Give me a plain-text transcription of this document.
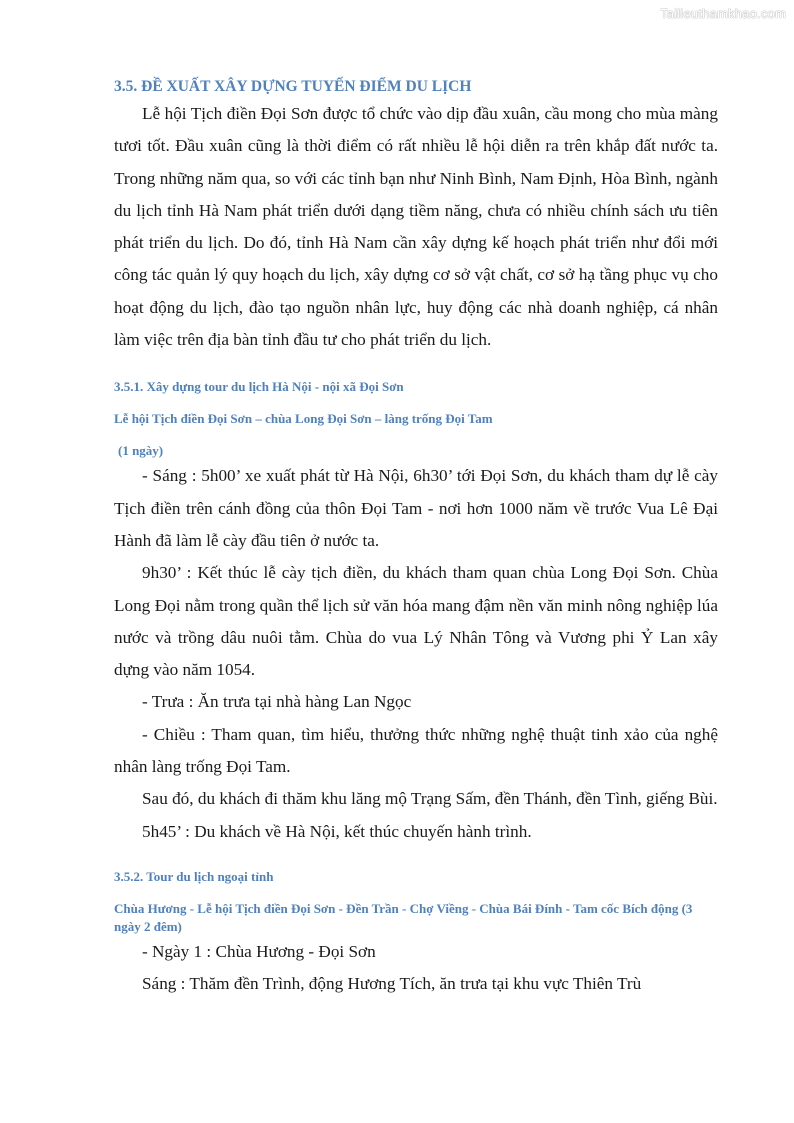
Tailieuthamkhao.com

3.5. ĐỀ XUẤT XÂY DỰNG TUYẾN ĐIỂM DU LỊCH

Lễ hội Tịch điền Đọi Sơn được tổ chức vào dịp đầu xuân, cầu mong cho mùa màng tươi tốt. Đầu xuân cũng là thời điểm có rất nhiều lễ hội diễn ra trên khắp đất nước ta. Trong những năm qua, so với các tỉnh bạn như Ninh Bình, Nam Định, Hòa Bình, ngành du lịch tỉnh Hà Nam phát triển dưới dạng tiềm năng, chưa có nhiều chính sách ưu tiên phát triển du lịch. Do đó, tỉnh Hà Nam cần xây dựng kế hoạch phát triển như đổi mới công tác quản lý quy hoạch du lịch, xây dựng cơ sở vật chất, cơ sở hạ tầng phục vụ cho hoạt động du lịch, đào tạo nguồn nhân lực, huy động các nhà doanh nghiệp, cá nhân làm việc trên địa bàn tỉnh đầu tư cho phát triển du lịch.

3.5.1. Xây dựng tour du lịch Hà Nội - nội xã Đọi Sơn

Lễ hội Tịch điền Đọi Sơn – chùa Long Đọi Sơn – làng trống Đọi Tam

(1 ngày)

- Sáng : 5h00’ xe xuất phát từ Hà Nội, 6h30’ tới Đọi Sơn, du khách tham dự lễ cày Tịch điền trên cánh đồng của thôn Đọi Tam - nơi hơn 1000 năm về trước Vua Lê Đại Hành đã làm lễ cày đầu tiên ở nước ta.

9h30’ : Kết thúc lễ cày tịch điền, du khách tham quan chùa Long Đọi Sơn. Chùa Long Đọi nằm trong quần thể lịch sử văn hóa mang đậm nền văn minh nông nghiệp lúa nước và trồng dâu nuôi tằm. Chùa do vua Lý Nhân Tông và Vương phi Ỷ Lan xây dựng vào năm 1054.

- Trưa : Ăn trưa tại nhà hàng Lan Ngọc

- Chiều : Tham quan, tìm hiểu, thưởng thức những nghệ thuật tinh xảo của nghệ nhân làng trống Đọi Tam.

Sau đó, du khách đi thăm khu lăng mộ Trạng Sấm, đền Thánh, đền Tình, giếng Bùi.

5h45’ : Du khách về Hà Nội, kết thúc chuyến hành trình.

3.5.2. Tour du lịch ngoại tỉnh

Chùa Hương - Lễ hội Tịch điền Đọi Sơn - Đền Trần - Chợ Viềng - Chùa Bái Đính - Tam cốc Bích động (3 ngày 2 đêm)

- Ngày 1 : Chùa Hương - Đọi Sơn

Sáng : Thăm đền Trình, động Hương Tích, ăn trưa tại khu vực Thiên Trù
